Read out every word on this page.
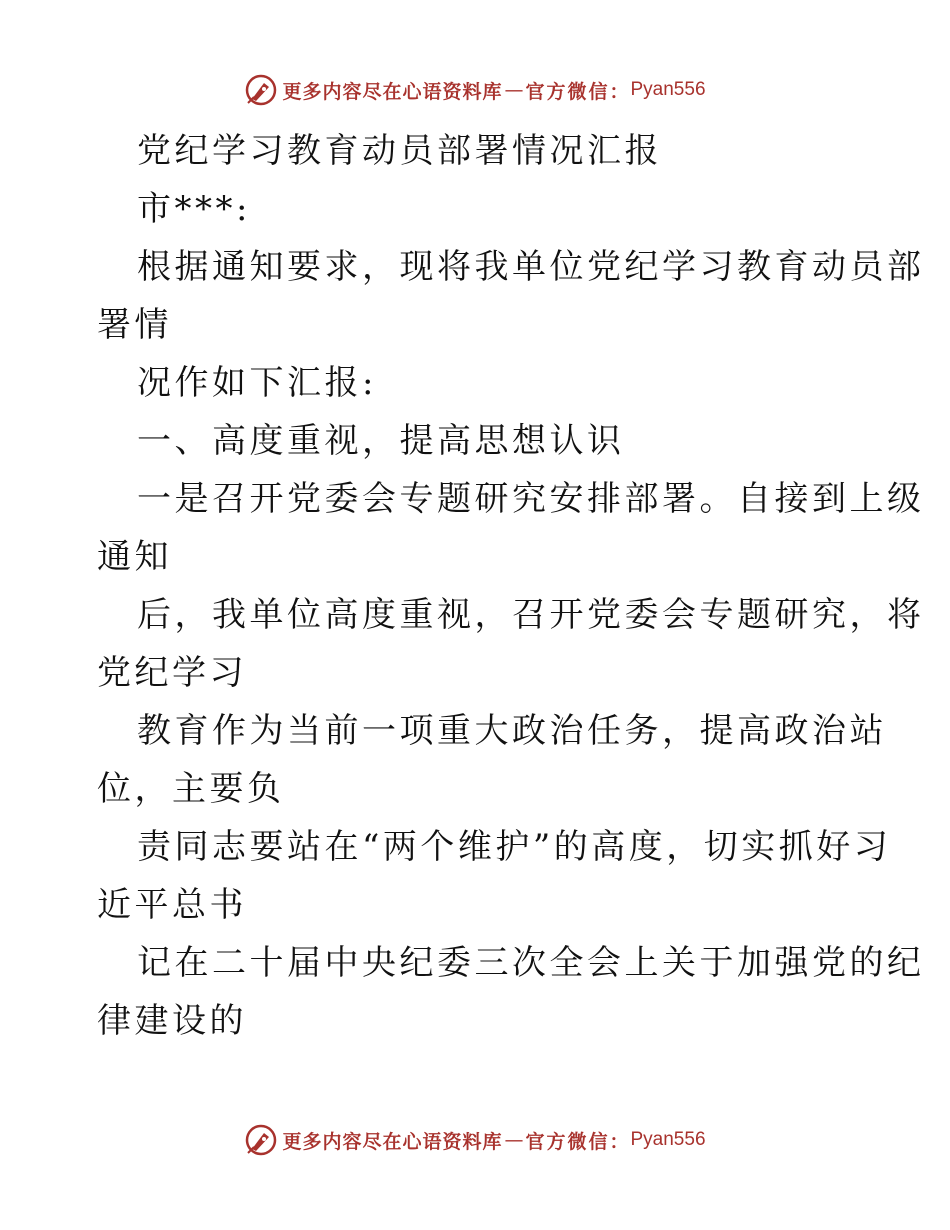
更多内容尽在心语资料库 — 官方微信： Pyan556
党纪学习教育动员部署情况汇报
市***:
根据通知要求，现将我单位党纪学习教育动员部
署情
况作如下汇报:
一、高度重视，提高思想认识
一是召开党委会专题研究安排部署。自接到上级
通知
后，我单位高度重视，召开党委会专题研究，将
党纪学习
教育作为当前一项重大政治任务，提高政治站
位，主要负
责同志要站在“两个维护”的高度，切实抓好习
近平总书
记在二十届中央纪委三次全会上关于加强党的纪
律建设的
更多内容尽在心语资料库 — 官方微信： Pyan556
